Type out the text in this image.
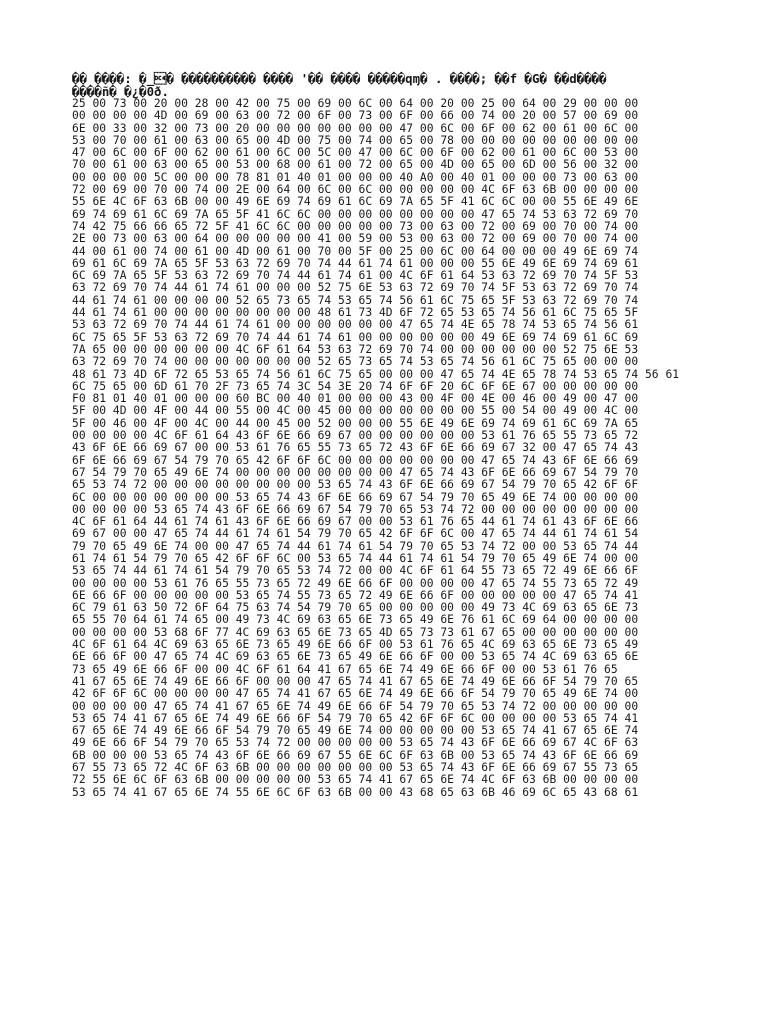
�� ����: �_� ���������� ���� '�� ���� �����qɱ� . ����; ��f �G� ��d����
����ñ� �¿�0ð.
25 00 73 00 20 00 28 00 42 00 75 00 69 00 6C 00 64 00 20 00 25 00 64 00 29 00 00 00
00 00 00 00 4D 00 69 00 63 00 72 00 6F 00 73 00 6F 00 66 00 74 00 20 00 57 00 69 00
6E 00 33 00 32 00 73 00 20 00 00 00 00 00 00 00 47 00 6C 00 6F 00 62 00 61 00 6C 00
53 00 70 00 61 00 63 00 65 00 4D 00 75 00 74 00 65 00 78 00 00 00 00 00 00 00 00 00
47 00 6C 00 6F 00 62 00 61 00 6C 00 5C 00 47 00 6C 00 6F 00 62 00 61 00 6C 00 53 00
70 00 61 00 63 00 65 00 53 00 68 00 61 00 72 00 65 00 4D 00 65 00 6D 00 56 00 32 00
00 00 00 00 5C 00 00 00 78 81 01 40 01 00 00 00 40 A0 00 40 01 00 00 00 73 00 63 00
72 00 69 00 70 00 74 00 2E 00 64 00 6C 00 6C 00 00 00 00 00 4C 6F 63 6B 00 00 00 00
55 6E 4C 6F 63 6B 00 00 49 6E 69 74 69 61 6C 69 7A 65 5F 41 6C 6C 00 00 55 6E 49 6E
69 74 69 61 6C 69 7A 65 5F 41 6C 6C 00 00 00 00 00 00 00 00 47 65 74 53 63 72 69 70
74 42 75 66 66 65 72 5F 41 6C 6C 00 00 00 00 00 73 00 63 00 72 00 69 00 70 00 74 00
2E 00 73 00 63 00 64 00 00 00 00 00 41 00 59 00 53 00 63 00 72 00 69 00 70 00 74 00
44 00 61 00 74 00 61 00 4D 00 61 00 70 00 5F 00 25 00 6C 00 64 00 00 00 49 6E 69 74
69 61 6C 69 7A 65 5F 53 63 72 69 70 74 44 61 74 61 00 00 00 55 6E 49 6E 69 74 69 61
6C 69 7A 65 5F 53 63 72 69 70 74 44 61 74 61 00 4C 6F 61 64 53 63 72 69 70 74 5F 53
63 72 69 70 74 44 61 74 61 00 00 00 52 75 6E 53 63 72 69 70 74 5F 53 63 72 69 70 74
44 61 74 61 00 00 00 00 52 65 73 65 74 53 65 74 56 61 6C 75 65 5F 53 63 72 69 70 74
44 61 74 61 00 00 00 00 00 00 00 00 48 61 73 4D 6F 72 65 53 65 74 56 61 6C 75 65 5F
53 63 72 69 70 74 44 61 74 61 00 00 00 00 00 00 47 65 74 4E 65 78 74 53 65 74 56 61
6C 75 65 5F 53 63 72 69 70 74 44 61 74 61 00 00 00 00 00 00 49 6E 69 74 69 61 6C 69
7A 65 00 00 00 00 00 00 4C 6F 61 64 53 63 72 69 70 74 00 00 00 00 00 00 52 75 6E 53
63 72 69 70 74 00 00 00 00 00 00 00 52 65 73 65 74 53 65 74 56 61 6C 75 65 00 00 00
48 61 73 4D 6F 72 65 53 65 74 56 61 6C 75 65 00 00 00 47 65 74 4E 65 78 74 53 65 74 56 61
6C 75 65 00 6D 61 70 2F 73 65 74 3C 54 3E 20 74 6F 6F 20 6C 6F 6E 67 00 00 00 00 00
F0 81 01 40 01 00 00 00 60 BC 00 40 01 00 00 00 43 00 4F 00 4E 00 46 00 49 00 47 00
5F 00 4D 00 4F 00 44 00 55 00 4C 00 45 00 00 00 00 00 00 00 55 00 54 00 49 00 4C 00
5F 00 46 00 4F 00 4C 00 44 00 45 00 52 00 00 00 55 6E 49 6E 69 74 69 61 6C 69 7A 65
00 00 00 00 4C 6F 61 64 43 6F 6E 66 69 67 00 00 00 00 00 00 53 61 76 65 55 73 65 72
43 6F 6E 66 69 67 00 00 53 61 76 65 55 73 65 72 43 6F 6E 66 69 67 32 00 47 65 74 43
6F 6E 66 69 67 54 79 70 65 42 6F 6F 6C 00 00 00 00 00 00 00 47 65 74 43 6F 6E 66 69
67 54 79 70 65 49 6E 74 00 00 00 00 00 00 00 00 47 65 74 43 6F 6E 66 69 67 54 79 70
65 53 74 72 00 00 00 00 00 00 00 00 53 65 74 43 6F 6E 66 69 67 54 79 70 65 42 6F 6F
6C 00 00 00 00 00 00 00 53 65 74 43 6F 6E 66 69 67 54 79 70 65 49 6E 74 00 00 00 00
00 00 00 00 53 65 74 43 6F 6E 66 69 67 54 79 70 65 53 74 72 00 00 00 00 00 00 00 00
4C 6F 61 64 44 61 74 61 43 6F 6E 66 69 67 00 00 53 61 76 65 44 61 74 61 43 6F 6E 66
69 67 00 00 47 65 74 44 61 74 61 54 79 70 65 42 6F 6F 6C 00 47 65 74 44 61 74 61 54
79 70 65 49 6E 74 00 00 47 65 74 44 61 74 61 54 79 70 65 53 74 72 00 00 53 65 74 44
61 74 61 54 79 70 65 42 6F 6F 6C 00 53 65 74 44 61 74 61 54 79 70 65 49 6E 74 00 00
53 65 74 44 61 74 61 54 79 70 65 53 74 72 00 00 4C 6F 61 64 55 73 65 72 49 6E 66 6F
00 00 00 00 53 61 76 65 55 73 65 72 49 6E 66 6F 00 00 00 00 47 65 74 55 73 65 72 49
6E 66 6F 00 00 00 00 00 53 65 74 55 73 65 72 49 6E 66 6F 00 00 00 00 00 47 65 74 41
6C 79 61 63 50 72 6F 64 75 63 74 54 79 70 65 00 00 00 00 00 49 73 4C 69 63 65 6E 73
65 55 70 64 61 74 65 00 49 73 4C 69 63 65 6E 73 65 49 6E 76 61 6C 69 64 00 00 00 00
00 00 00 00 53 68 6F 77 4C 69 63 65 6E 73 65 4D 65 73 73 61 67 65 00 00 00 00 00 00
4C 6F 61 64 4C 69 63 65 6E 73 65 49 6E 66 6F 00 53 61 76 65 4C 69 63 65 6E 73 65 49
6E 66 6F 00 47 65 74 4C 69 63 65 6E 73 65 49 6E 66 6F 00 00 53 65 74 4C 69 63 65 6E
73 65 49 6E 66 6F 00 00 4C 6F 61 64 41 67 65 6E 74 49 6E 66 6F 00 00 53 61 76 65
41 67 65 6E 74 49 6E 66 6F 00 00 00 47 65 74 41 67 65 6E 74 49 6E 66 6F 54 79 70 65
42 6F 6F 6C 00 00 00 00 47 65 74 41 67 65 6E 74 49 6E 66 6F 54 79 70 65 49 6E 74 00
00 00 00 00 47 65 74 41 67 65 6E 74 49 6E 66 6F 54 79 70 65 53 74 72 00 00 00 00 00
53 65 74 41 67 65 6E 74 49 6E 66 6F 54 79 70 65 42 6F 6F 6C 00 00 00 00 53 65 74 41
67 65 6E 74 49 6E 66 6F 54 79 70 65 49 6E 74 00 00 00 00 00 53 65 74 41 67 65 6E 74
49 6E 66 6F 54 79 70 65 53 74 72 00 00 00 00 00 53 65 74 43 6F 6E 66 69 67 4C 6F 63
6B 00 00 00 53 65 74 43 6F 6E 66 69 67 55 6E 6C 6F 63 6B 00 53 65 74 43 6F 6E 66 69
67 55 73 65 72 4C 6F 63 6B 00 00 00 00 00 00 00 53 65 74 43 6F 6E 66 69 67 55 73 65
72 55 6E 6C 6F 63 6B 00 00 00 00 00 53 65 74 41 67 65 6E 74 4C 6F 63 6B 00 00 00 00
53 65 74 41 67 65 6E 74 55 6E 6C 6F 63 6B 00 00 43 68 65 63 6B 46 69 6C 65 43 68 61
